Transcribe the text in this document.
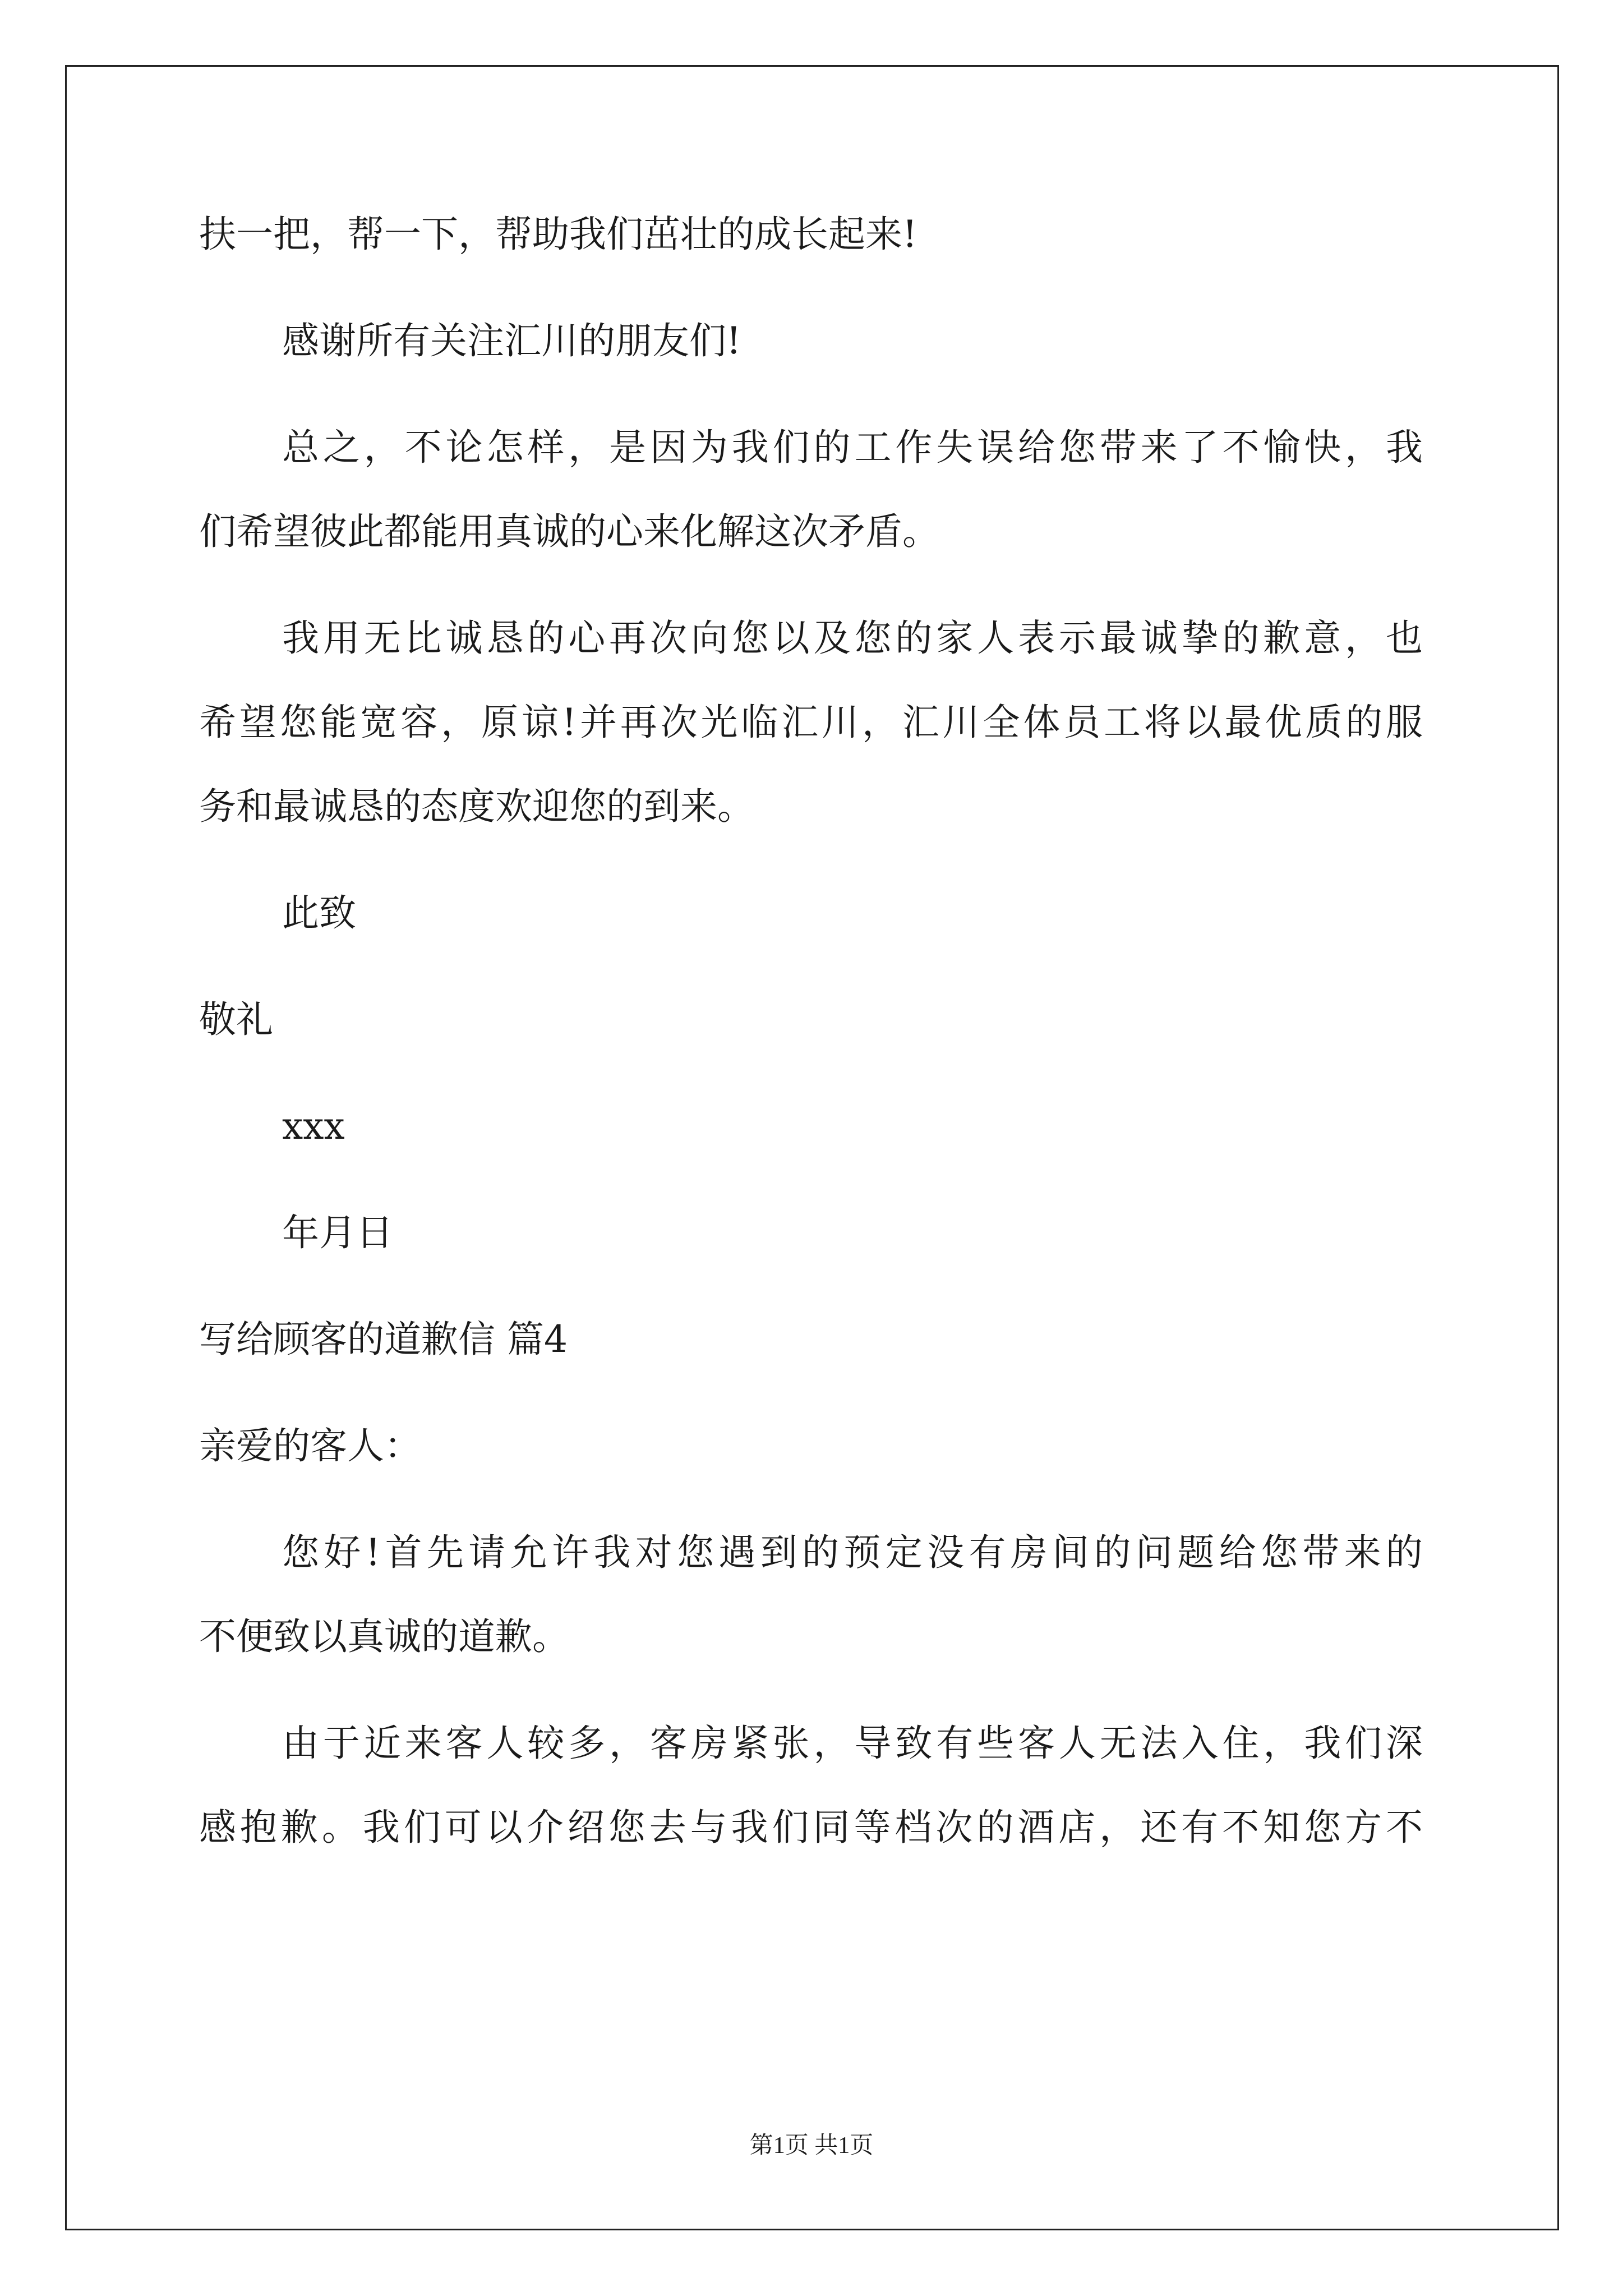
扶一把，帮一下，帮助我们茁壮的成长起来!

感谢所有关注汇川的朋友们!

总之，不论怎样，是因为我们的工作失误给您带来了不愉快，我

们希望彼此都能用真诚的心来化解这次矛盾。

我用无比诚恳的心再次向您以及您的家人表示最诚挚的歉意，也

希望您能宽容，原谅!并再次光临汇川，汇川全体员工将以最优质的服

务和最诚恳的态度欢迎您的到来。

此致

敬礼

xxx

年月日

写给顾客的道歉信 篇4

亲爱的客人：

您好!首先请允许我对您遇到的预定没有房间的问题给您带来的

不便致以真诚的道歉。

由于近来客人较多，客房紧张，导致有些客人无法入住，我们深

感抱歉。我们可以介绍您去与我们同等档次的酒店，还有不知您方不

第1页 共1页
